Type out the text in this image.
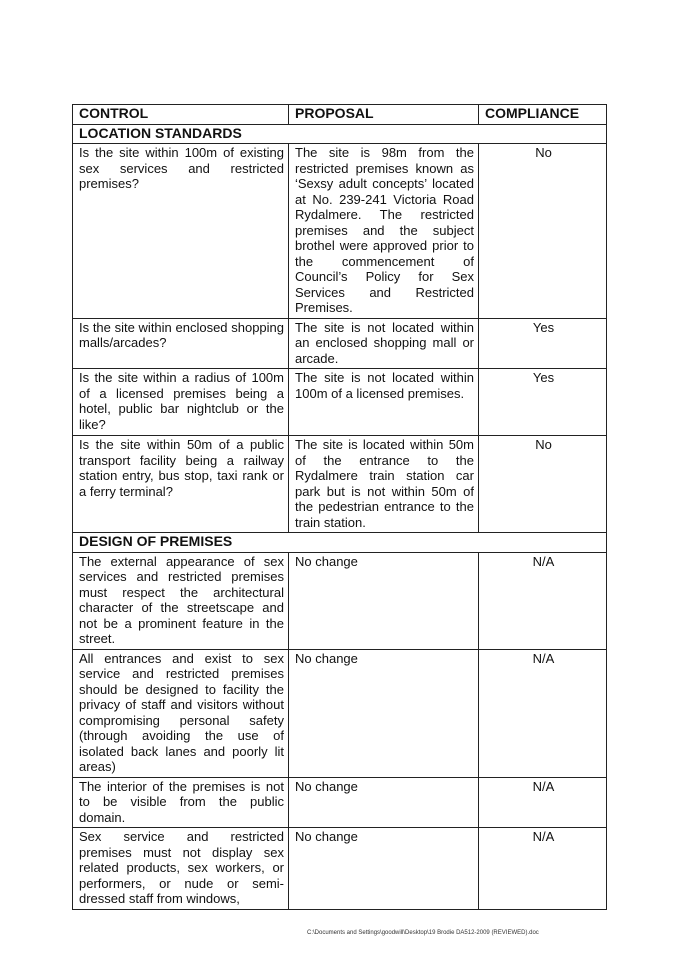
CONTROL	PROPOSAL	COMPLIANCE
LOCATION STANDARDS		
Is the site within 100m of existing sex services and restricted premises?	The site is 98m from the restricted premises known as ‘Sexsy adult concepts’ located at No. 239-241 Victoria Road Rydalmere. The restricted premises and the subject brothel were approved prior to the commencement of Council’s Policy for Sex Services and Restricted Premises.	No
Is the site within enclosed shopping malls/arcades?	The site is not located within an enclosed shopping mall or arcade.	Yes
Is the site within a radius of 100m of a licensed premises being a hotel, public bar nightclub or the like?	The site is not located within 100m of a licensed premises.	Yes
Is the site within 50m of a public transport facility being a railway station entry, bus stop, taxi rank or a ferry terminal?	The site is located within 50m of the entrance to the Rydalmere train station car park but is not within 50m of the pedestrian entrance to the train station.	No
DESIGN OF PREMISES		
The external appearance of sex services and restricted premises must respect the architectural character of the streetscape and not be a prominent feature in the street.	No change	N/A
All entrances and exist to sex service and restricted premises should be designed to facility the privacy of staff and visitors without compromising personal safety (through avoiding the use of isolated back lanes and poorly lit areas)	No change	N/A
The interior of the premises is not to be visible from the public domain.	No change	N/A
Sex service and restricted premises must not display sex related products, sex workers, or performers, or nude or semi-dressed staff from windows,	No change	N/A
C:\Documents and Settings\goodwill\Desktop\19 Brodie DA512-2009 (REVIEWED).doc
